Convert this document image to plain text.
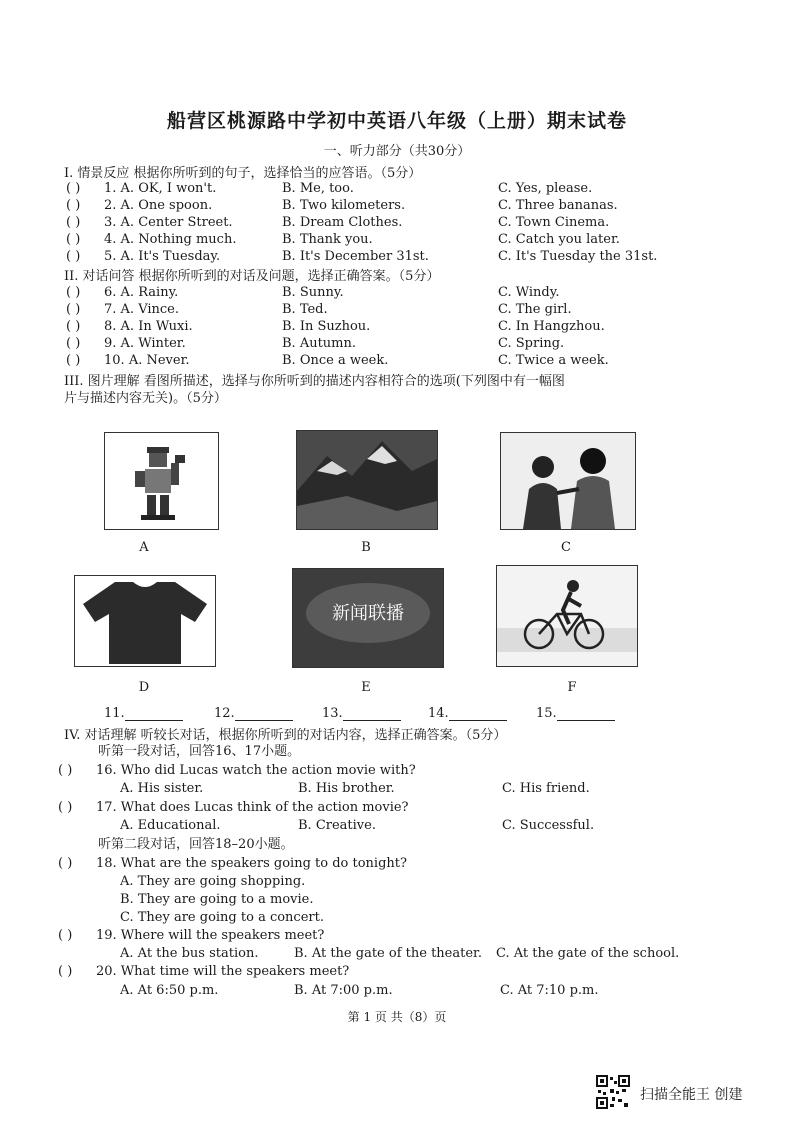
船营区桃源路中学初中英语八年级（上册）期末试卷
一、听力部分（共30分）
I. 情景反应 根据你所听到的句子，选择恰当的应答语。（5分）
( ) 1. A. OK, I won't.	B. Me, too.	C. Yes, please.
( ) 2. A. One spoon.	B. Two kilometers.	C. Three bananas.
( ) 3. A. Center Street.	B. Dream Clothes.	C. Town Cinema.
( ) 4. A. Nothing much.	B. Thank you.	C. Catch you later.
( ) 5. A. It's Tuesday.	B. It's December 31st.	C. It's Tuesday the 31st.
II. 对话问答 根据你所听到的对话及问题，选择正确答案。（5分）
( ) 6. A. Rainy.	B. Sunny.	C. Windy.
( ) 7. A. Vince.	B. Ted.	C. The girl.
( ) 8. A. In Wuxi.	B. In Suzhou.	C. In Hangzhou.
( ) 9. A. Winter.	B. Autumn.	C. Spring.
( ) 10. A. Never.	B. Once a week.	C. Twice a week.
III. 图片理解 看图所描述，选择与你所听到的描述内容相符合的选项(下列图中有一幅图
片与描述内容无关)。（5分）
A	B	C
D
新闻联播
E	F
11.	12.	13.	14.	15.
IV. 对话理解 听较长对话，根据你所听到的对话内容，选择正确答案。（5分）
听第一段对话，回答16、17小题。
( ) 16. Who did Lucas watch the action movie with?
A. His sister.	B. His brother.	C. His friend.
( ) 17. What does Lucas think of the action movie?
A. Educational.	B. Creative.	C. Successful.
听第二段对话，回答18–20小题。
( ) 18. What are the speakers going to do tonight?
A. They are going shopping.
B. They are going to a movie.
C. They are going to a concert.
( ) 19. Where will the speakers meet?
A. At the bus station.	B. At the gate of the theater. C. At the gate of the school.
( ) 20. What time will the speakers meet?
A. At 6:50 p.m.	B. At 7:00 p.m.	C. At 7:10 p.m.
第 1 页 共（8）页
扫描全能王 创建
